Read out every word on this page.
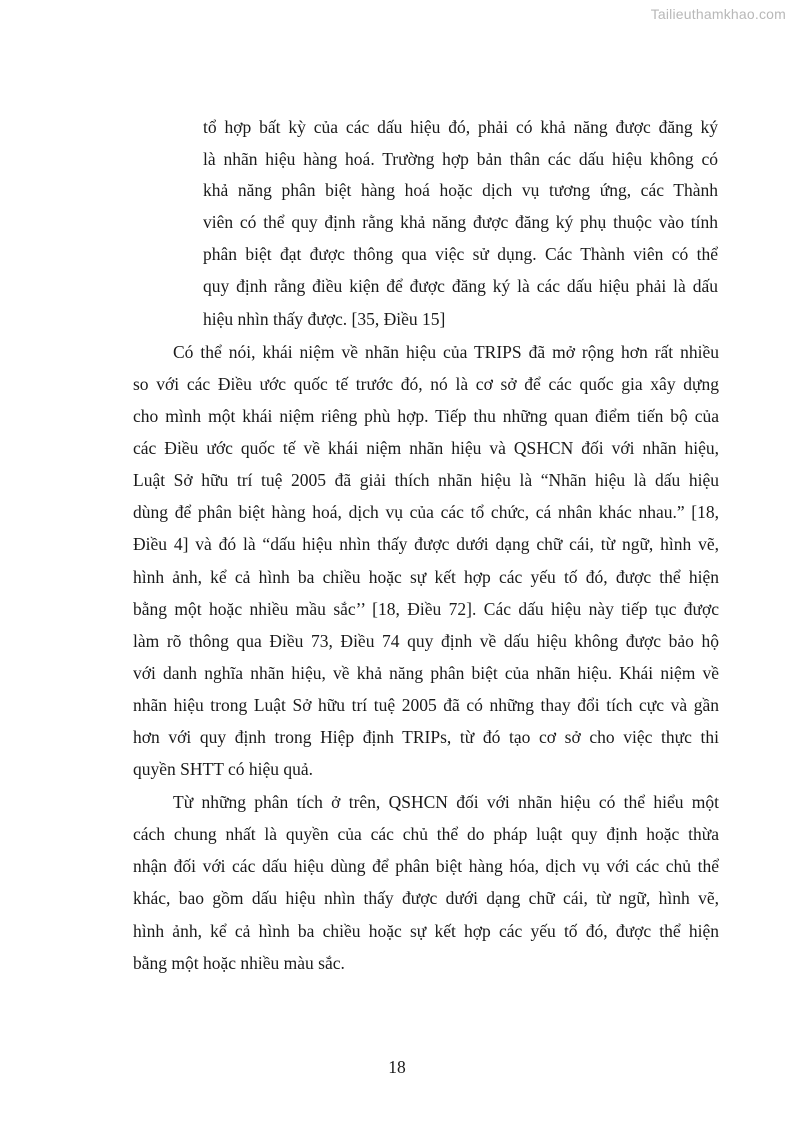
Tailieuthamkhao.com
tổ hợp bất kỳ của các dấu hiệu đó, phải có khả năng được đăng ký
là nhãn hiệu hàng hoá. Trường hợp bản thân các dấu hiệu không có
khả năng phân biệt hàng hoá hoặc dịch vụ tương ứng, các Thành
viên có thể quy định rằng khả năng được đăng ký phụ thuộc vào tính
phân biệt đạt được thông qua việc sử dụng. Các Thành viên có thể
quy định rằng điều kiện để được đăng ký là các dấu hiệu phải là dấu
hiệu nhìn thấy được. [35, Điều 15]
Có thể nói, khái niệm về nhãn hiệu của TRIPS đã mở rộng hơn rất nhiều
so với các Điều ước quốc tế trước đó, nó là cơ sở để các quốc gia xây dựng
cho mình một khái niệm riêng phù hợp. Tiếp thu những quan điểm tiến bộ của
các Điều ước quốc tế về khái niệm nhãn hiệu và QSHCN đối với nhãn hiệu,
Luật Sở hữu trí tuệ 2005 đã giải thích nhãn hiệu là “Nhãn hiệu là dấu hiệu
dùng để phân biệt hàng hoá, dịch vụ của các tổ chức, cá nhân khác nhau.” [18,
Điều 4] và đó là “dấu hiệu nhìn thấy được dưới dạng chữ cái, từ ngữ, hình vẽ,
hình ảnh, kể cả hình ba chiều hoặc sự kết hợp các yếu tố đó, được thể hiện
bằng một hoặc nhiều mầu sắc’’ [18, Điều 72]. Các dấu hiệu này tiếp tục được
làm rõ thông qua Điều 73, Điều 74 quy định về dấu hiệu không được bảo hộ
với danh nghĩa nhãn hiệu, về khả năng phân biệt của nhãn hiệu. Khái niệm về
nhãn hiệu trong Luật Sở hữu trí tuệ 2005 đã có những thay đổi tích cực và gần
hơn với quy định trong Hiệp định TRIPs, từ đó tạo cơ sở cho việc thực thi
quyền SHTT có hiệu quả.
Từ những phân tích ở trên, QSHCN đối với nhãn hiệu có thể hiểu một
cách chung nhất là quyền của các chủ thể do pháp luật quy định hoặc thừa
nhận đối với các dấu hiệu dùng để phân biệt hàng hóa, dịch vụ với các chủ thể
khác, bao gồm dấu hiệu nhìn thấy được dưới dạng chữ cái, từ ngữ, hình vẽ,
hình ảnh, kể cả hình ba chiều hoặc sự kết hợp các yếu tố đó, được thể hiện
bằng một hoặc nhiều màu sắc.
18
